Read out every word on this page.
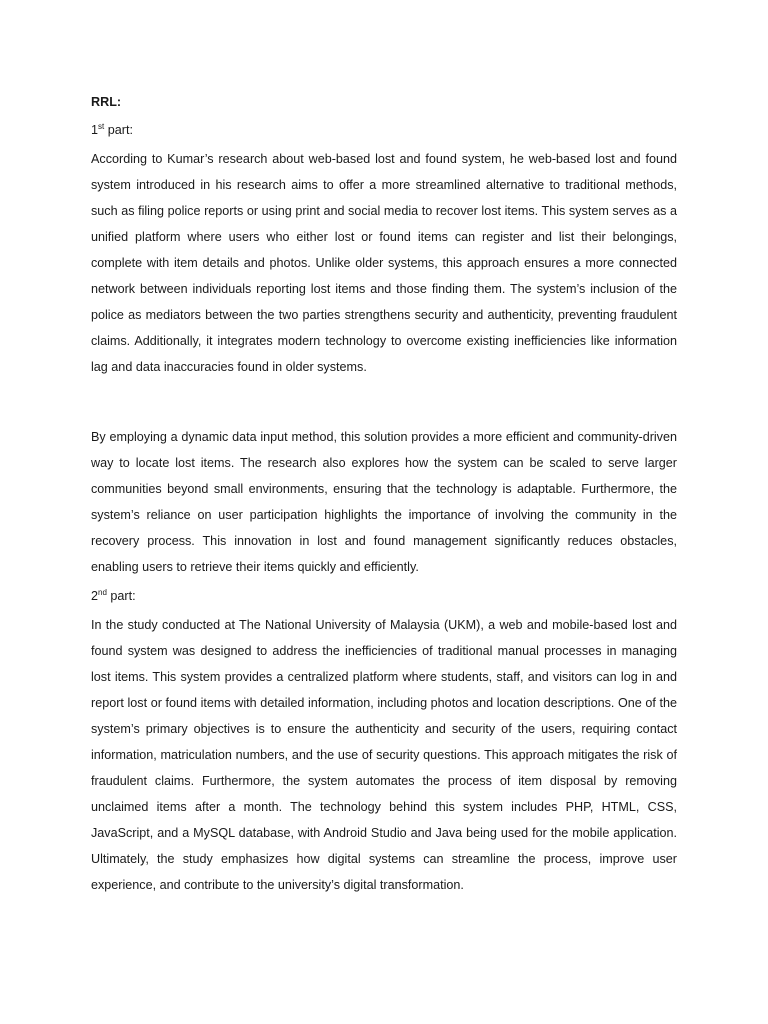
RRL:

1st part:

According to Kumar’s research about web-based lost and found system, he web-based lost and found system introduced in his research aims to offer a more streamlined alternative to traditional methods, such as filing police reports or using print and social media to recover lost items. This system serves as a unified platform where users who either lost or found items can register and list their belongings, complete with item details and photos. Unlike older systems, this approach ensures a more connected network between individuals reporting lost items and those finding them. The system’s inclusion of the police as mediators between the two parties strengthens security and authenticity, preventing fraudulent claims. Additionally, it integrates modern technology to overcome existing inefficiencies like information lag and data inaccuracies found in older systems.

By employing a dynamic data input method, this solution provides a more efficient and community-driven way to locate lost items. The research also explores how the system can be scaled to serve larger communities beyond small environments, ensuring that the technology is adaptable. Furthermore, the system’s reliance on user participation highlights the importance of involving the community in the recovery process. This innovation in lost and found management significantly reduces obstacles, enabling users to retrieve their items quickly and efficiently.

2nd part:

In the study conducted at The National University of Malaysia (UKM), a web and mobile-based lost and found system was designed to address the inefficiencies of traditional manual processes in managing lost items. This system provides a centralized platform where students, staff, and visitors can log in and report lost or found items with detailed information, including photos and location descriptions. One of the system’s primary objectives is to ensure the authenticity and security of the users, requiring contact information, matriculation numbers, and the use of security questions. This approach mitigates the risk of fraudulent claims. Furthermore, the system automates the process of item disposal by removing unclaimed items after a month. The technology behind this system includes PHP, HTML, CSS, JavaScript, and a MySQL database, with Android Studio and Java being used for the mobile application. Ultimately, the study emphasizes how digital systems can streamline the process, improve user experience, and contribute to the university’s digital transformation.
